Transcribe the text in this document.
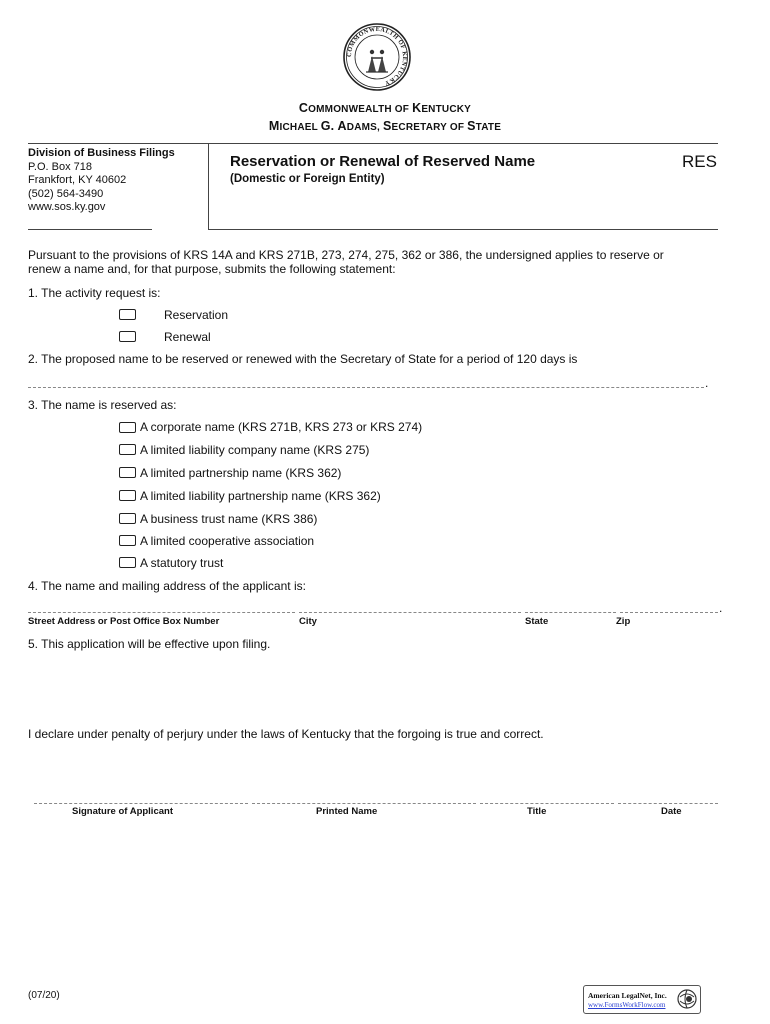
COMMONWEALTH OF KENTUCKY
COMMONWEALTH OF KENTUCKY
MICHAEL G. ADAMS, SECRETARY OF STATE
Division of Business Filings
P.O. Box 718
Frankfort, KY 40602
(502) 564-3490
www.sos.ky.gov
Reservation or Renewal of Reserved Name
(Domestic or Foreign Entity)
RES
Pursuant to the provisions of KRS 14A and KRS 271B, 273, 274, 275, 362 or 386, the undersigned applies to reserve or
renew a name and, for that purpose, submits the following statement:
1. The activity request is:
Reservation
Renewal
2. The proposed name to be reserved or renewed with the Secretary of State for a period of 120 days is
.
3. The name is reserved as:
A corporate name (KRS 271B, KRS 273 or KRS 274)
A limited liability company name (KRS 275)
A limited partnership name (KRS 362)
A limited liability partnership name (KRS 362)
A business trust name (KRS 386)
A limited cooperative association
A statutory trust
4. The name and mailing address of the applicant is:
.
Street Address or Post Office Box Number	City	State	Zip
5. This application will be effective upon filing.
I declare under penalty of perjury under the laws of Kentucky that the forgoing is true and correct.
Signature of Applicant	Printed Name	Title	Date
(07/20)	American LegalNet, Inc.
www.FormsWorkFlow.com
